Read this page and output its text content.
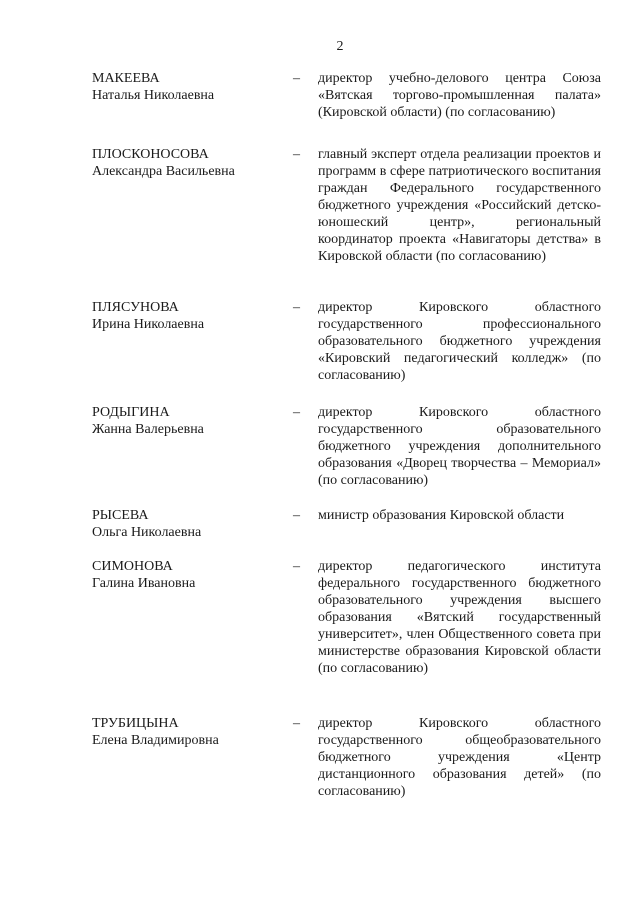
2
МАКЕЕВА
Наталья Николаевна
– директор учебно-делового центра Союза «Вятская торгово-промышленная палата» (Кировской области) (по согласованию)
ПЛОСКОНОСОВА
Александра Васильевна
– главный эксперт отдела реализации проектов и программ в сфере патриотического воспитания граждан Федерального государственного бюджетного учреждения «Российский детско-юношеский центр», региональный координатор проекта «Навигаторы детства» в Кировской области (по согласованию)
ПЛЯСУНОВА
Ирина Николаевна
– директор Кировского областного государственного профессионального образовательного бюджетного учреждения «Кировский педагогический колледж» (по согласованию)
РОДЫГИНА
Жанна Валерьевна
– директор Кировского областного государственного образовательного бюджетного учреждения дополнительного образования «Дворец творчества – Мемориал» (по согласованию)
РЫСЕВА
Ольга Николаевна
– министр образования Кировской области
СИМОНОВА
Галина Ивановна
– директор педагогического института федерального государственного бюджетного образовательного учреждения высшего образования «Вятский государственный университет», член Общественного совета при министерстве образования Кировской области (по согласованию)
ТРУБИЦЫНА
Елена Владимировна
– директор Кировского областного государственного общеобразовательного бюджетного учреждения «Центр дистанционного образования детей» (по согласованию)
